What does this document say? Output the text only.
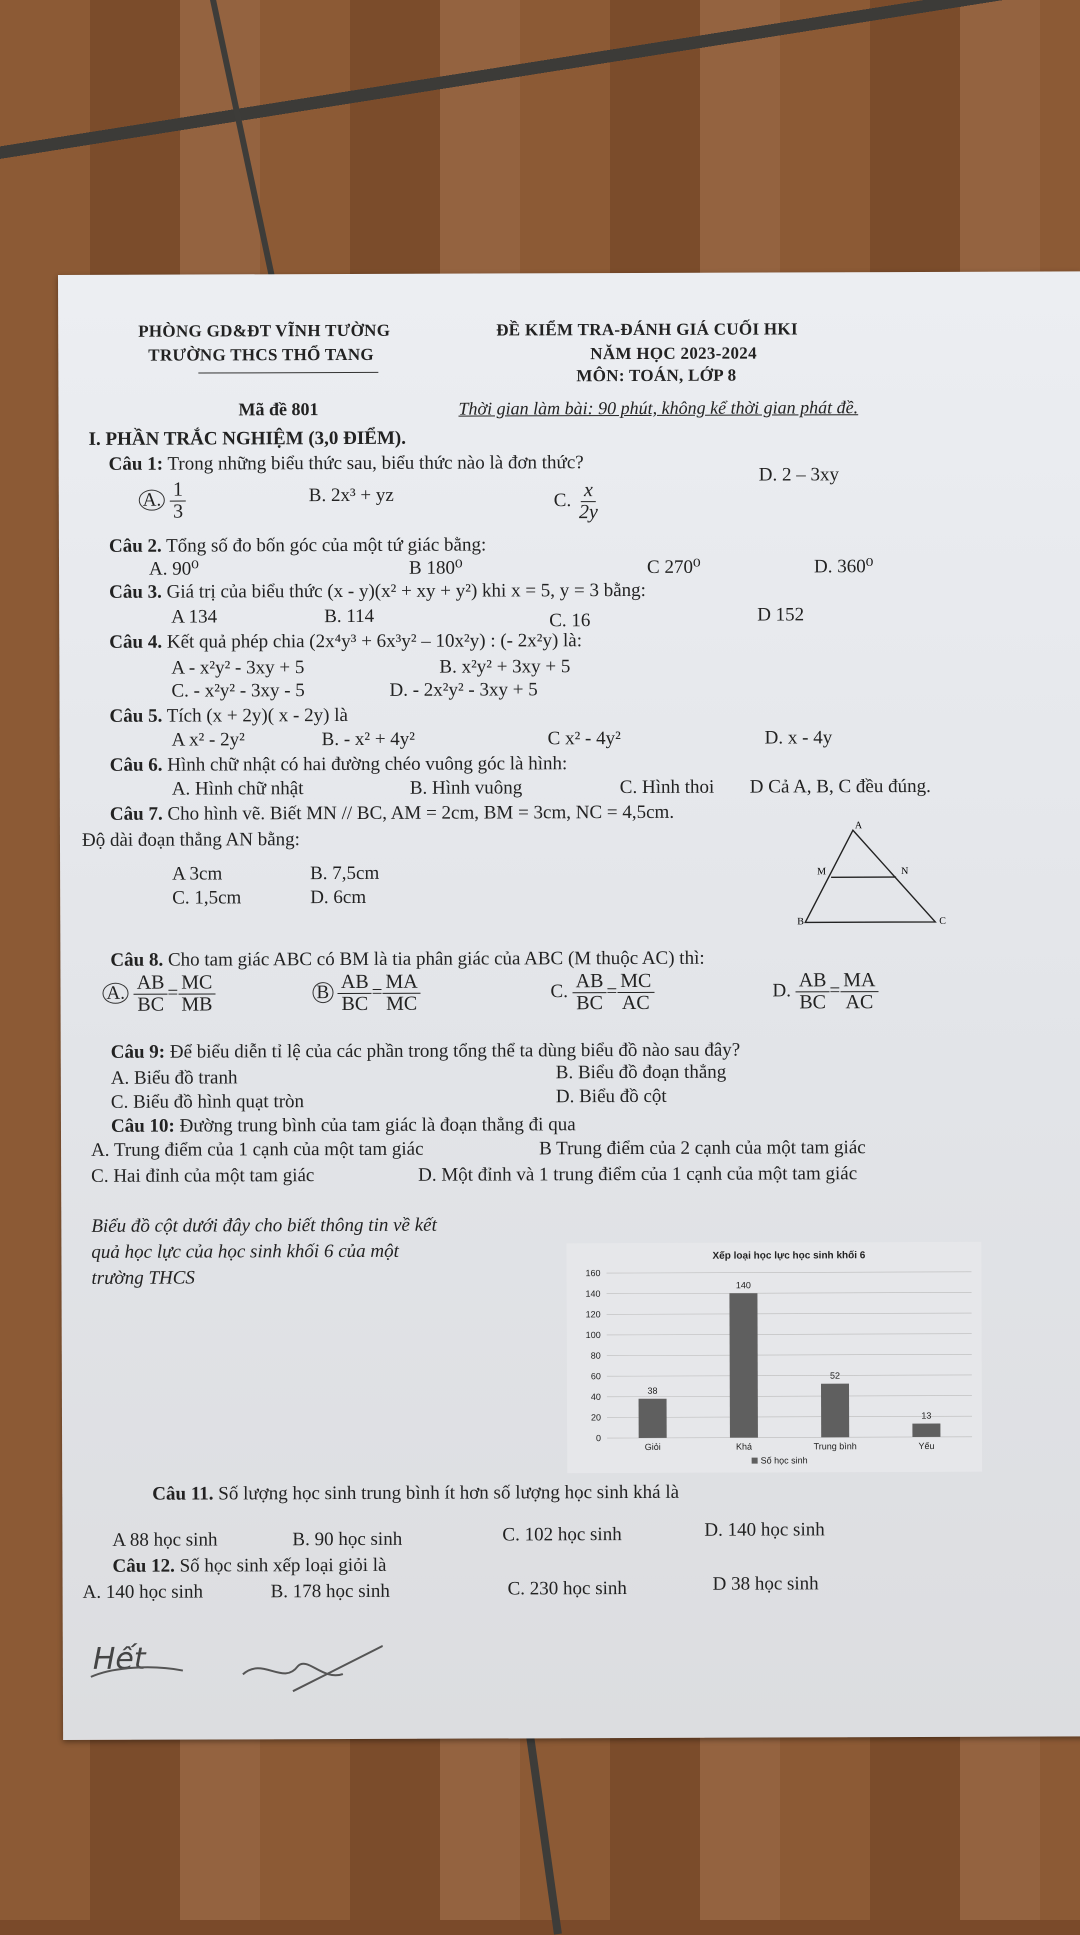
PHÒNG GD&ĐT VĨNH TƯỜNG
TRƯỜNG THCS THỔ TANG
ĐỀ KIỂM TRA-ĐÁNH GIÁ CUỐI HKI
NĂM HỌC 2023-2024
MÔN: TOÁN, LỚP 8
Mã đề 801	Thời gian làm bài: 90 phút, không kể thời gian phát đề.
I. PHẦN TRẮC NGHIỆM (3,0 ĐIỂM).
Câu 1: Trong những biểu thức sau, biểu thức nào là đơn thức?
A. $\frac{1}{3}$	B. 2x³ + yz	C. $\frac{x}{2y}$
D. 2 – 3xy
Câu 2. Tổng số đo bốn góc của một tứ giác bằng:
A. 90⁰	B 180⁰	C 270⁰	D. 360⁰
Câu 3. Giá trị của biểu thức (x - y)(x² + xy + y²) khi x = 5, y = 3 bằng:
A 134	B. 114	C. 16	D 152
Câu 4. Kết quả phép chia (2x⁴y³ + 6x³y² – 10x²y) : (- 2x²y) là:
A - x²y² - 3xy + 5	B. x²y² + 3xy + 5
C. - x²y² - 3xy - 5	D. - 2x²y² - 3xy + 5
Câu 5. Tích (x + 2y)( x - 2y) là
A x² - 2y²	B. - x² + 4y²	C x² - 4y²	D. x - 4y
Câu 6. Hình chữ nhật có hai đường chéo vuông góc là hình:
A. Hình chữ nhật	B. Hình vuông	C. Hình thoi D Cả A, B, C đều đúng.
Câu 7. Cho hình vẽ. Biết MN // BC, AM = 2cm, BM = 3cm, NC = 4,5cm.
Độ dài đoạn thẳng AN bằng:
A 3cm	B. 7,5cm
C. 1,5cm	D. 6cm
A
M	N
B	C
Câu 8. Cho tam giác ABC có BM là tia phân giác của ABC (M thuộc AC) thì:
A. $\frac{AB}{BC} = \frac{MC}{MB}$	B $\frac{AB}{BC} = \frac{MA}{MC}$	C. $\frac{AB}{BC} = \frac{MC}{AC}$	D. $\frac{AB}{BC} = \frac{MA}{AC}$
Câu 9: Để biểu diễn tỉ lệ của các phần trong tổng thể ta dùng biểu đồ nào sau đây?
A. Biểu đồ tranh	B. Biểu đồ đoạn thẳng
C. Biểu đồ hình quạt tròn	D. Biểu đồ cột
Câu 10: Đường trung bình của tam giác là đoạn thẳng đi qua
A. Trung điểm của 1 cạnh của một tam giác	B Trung điểm của 2 cạnh của một tam giác
C. Hai đỉnh của một tam giác	D. Một đỉnh và 1 trung điểm của 1 cạnh của một tam giác
Biểu đồ cột dưới đây cho biết thông tin về kết
quả học lực của học sinh khối 6 của một
trường THCS
Xếp loại học lực học sinh khối 6
0
20
40
60
80
100
120
140
160
38
Giỏi
140
Khá
52
Trung bình
13
Yếu
Số học sinh
Câu 11. Số lượng học sinh trung bình ít hơn số lượng học sinh khá là
A 88 học sinh	B. 90 học sinh	C. 102 học sinh	D. 140 học sinh
Câu 12. Số học sinh xếp loại giỏi là
A. 140 học sinh	B. 178 học sinh	C. 230 học sinh	D 38 học sinh
Hết
